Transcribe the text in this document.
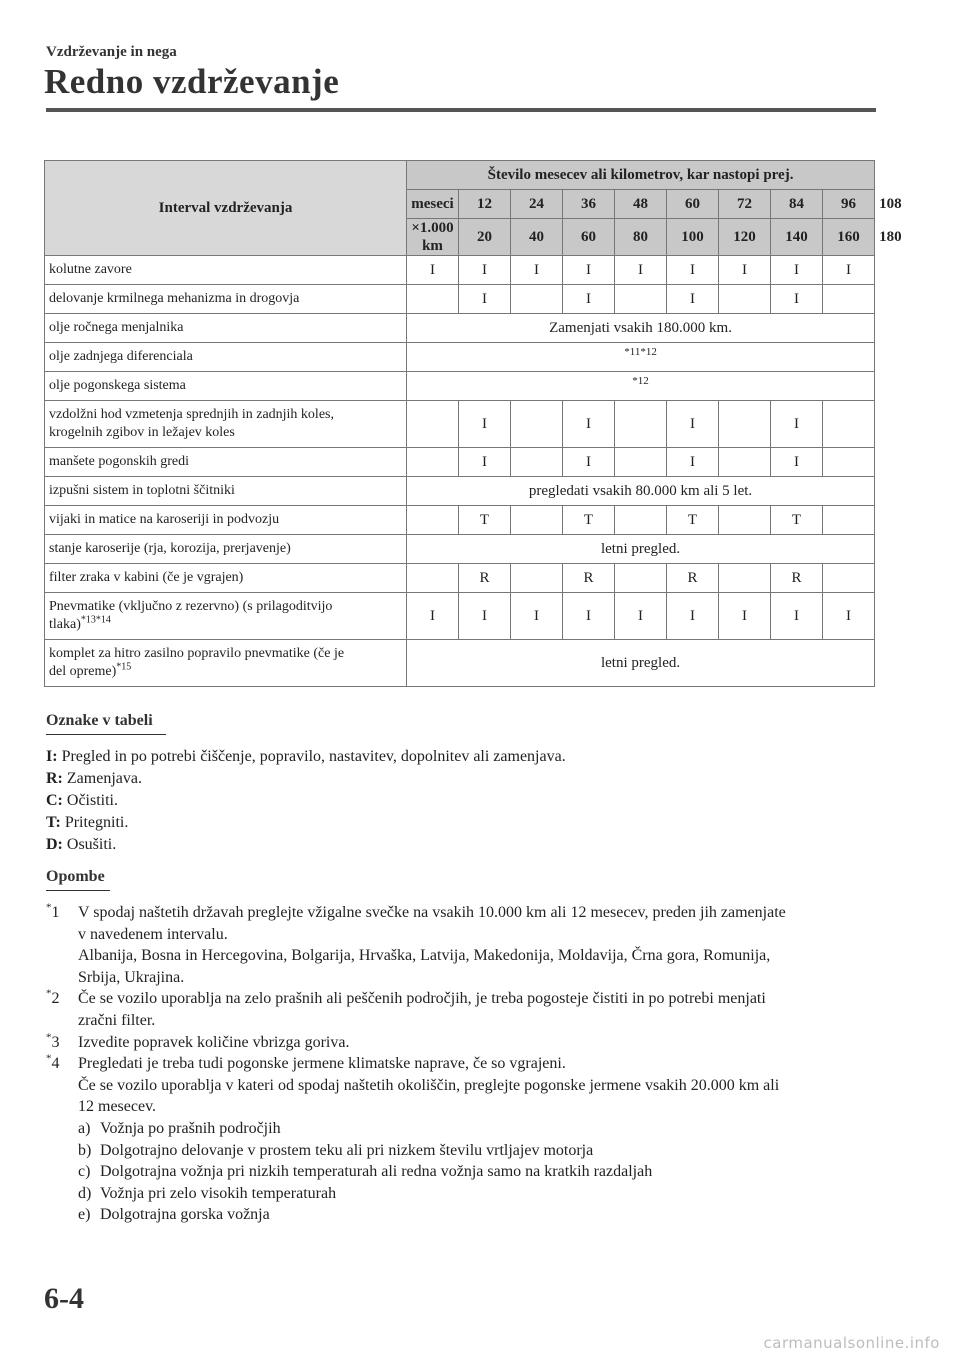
Vzdrževanje in nega
Redno vzdrževanje
Interval vzdrževanja	Število mesecev ali kilometrov, kar nastopi prej.									
	meseci	12	24	36	48	60	72	84	96	108
	×1.000 km	20	40	60	80	100	120	140	160	180
kolutne zavore	I	I	I	I	I	I	I	I	I	
delovanje krmilnega mehanizma in drogovja		I		I		I		I		
olje ročnega menjalnika	Zamenjati vsakih 180.000 km.									
olje zadnjega diferenciala	*11*12									
olje pogonskega sistema	*12									
vzdolžni hod vzmetenja sprednjih in zadnjih koles,
krogelnih zgibov in ležajev koles		I		I		I		I		
manšete pogonskih gredi		I		I		I		I		
izpušni sistem in toplotni ščitniki	pregledati vsakih 80.000 km ali 5 let.									
vijaki in matice na karoseriji in podvozju		T		T		T		T		
stanje karoserije (rja, korozija, prerjavenje)	letni pregled.									
filter zraka v kabini (če je vgrajen)		R		R		R		R		
Pnevmatike (vključno z rezervno) (s prilagoditvijo
tlaka)$^{*13*14}$	I	I	I	I	I	I	I	I	I	
komplet za hitro zasilno popravilo pnevmatike (če je
del opreme)$^{*15}$	letni pregled.									
Oznake v tabeli
I: Pregled in po potrebi čiščenje, popravilo, nastavitev, dopolnitev ali zamenjava.
R: Zamenjava.
C: Očistiti.
T: Pritegniti.
D: Osušiti.
Opombe
*1 V spodaj naštetih državah preglejte vžigalne svečke na vsakih 10.000 km ali 12 mesecev, preden jih zamenjate
v navedenem intervalu.
Albanija, Bosna in Hercegovina, Bolgarija, Hrvaška, Latvija, Makedonija, Moldavija, Črna gora, Romunija,
Srbija, Ukrajina.
*2 Če se vozilo uporablja na zelo prašnih ali peščenih področjih, je treba pogosteje čistiti in po potrebi menjati
zračni filter.
*3 Izvedite popravek količine vbrizga goriva.
*4 Pregledati je treba tudi pogonske jermene klimatske naprave, če so vgrajeni.
Če se vozilo uporablja v kateri od spodaj naštetih okoliščin, preglejte pogonske jermene vsakih 20.000 km ali
12 mesecev.
a) Vožnja po prašnih področjih
b) Dolgotrajno delovanje v prostem teku ali pri nizkem številu vrtljajev motorja
c) Dolgotrajna vožnja pri nizkih temperaturah ali redna vožnja samo na kratkih razdaljah
d) Vožnja pri zelo visokih temperaturah
e) Dolgotrajna gorska vožnja
6-4
carmanualsonline.info
